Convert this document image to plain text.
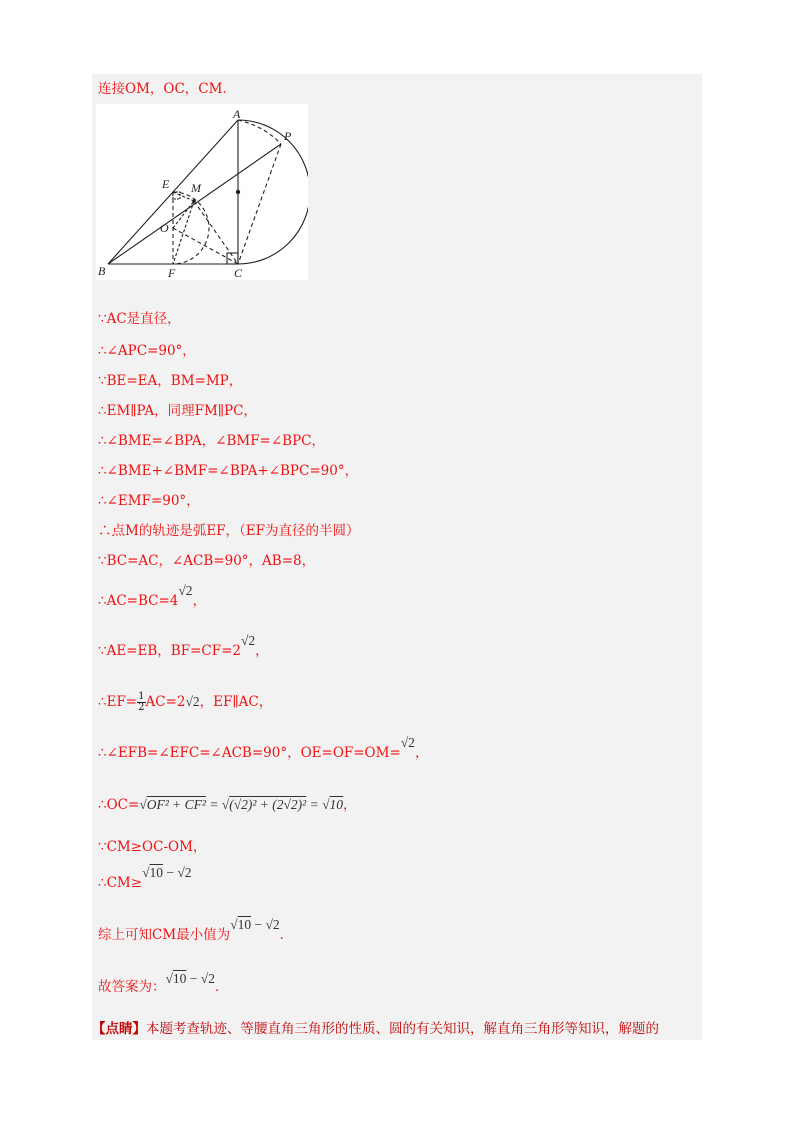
连接OM，OC，CM．
A
P
E M
O
B	F	C
∵AC是直径，
∴∠APC=90°，
∵BE=EA，BM=MP，
∴EM∥PA，同理FM∥PC，
∴∠BME=∠BPA，∠BMF=∠BPC，
∴∠BME+∠BMF=∠BPA+∠BPC=90°，
∴∠EMF=90°，
∴点M的轨迹是弧EF，（EF为直径的半圆）
∵BC=AC，∠ACB=90°，AB=8，
∴AC=BC=4√2，
∵AE=EB，BF=CF=2√2，
∴EF= $\frac{1}{2} AC=2√2$，EF∥AC，
∴∠EFB=∠EFC=∠ACB=90°，OE=OF=OM=√2，
∴OC=√OF² + CF² = √(√2)² + (2√2)² = √10，
∵CM≥OC-OM，
∴CM≥√10 − √2
综上可知CM最小值为√10 − √2．
故答案为：√10 − √2．
【点睛】本题考查轨迹、等腰直角三角形的性质、圆的有关知识，解直角三角形等知识，解题的
